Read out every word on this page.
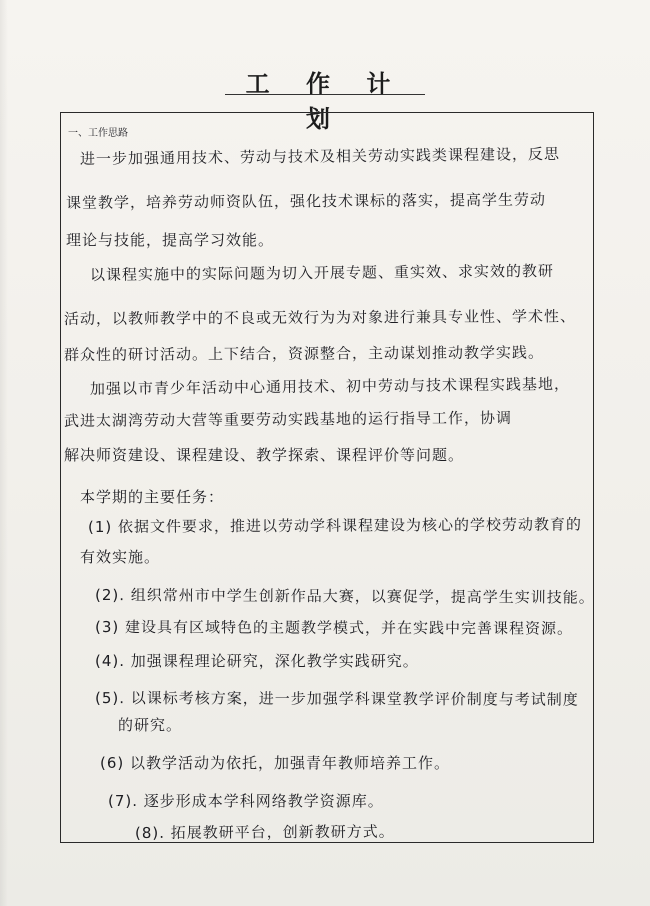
工 作 计 划
一、工作思路
进一步加强通用技术、劳动与技术及相关劳动实践类课程建设，反思
课堂教学，培养劳动师资队伍，强化技术课标的落实，提高学生劳动
理论与技能，提高学习效能。
以课程实施中的实际问题为切入开展专题、重实效、求实效的教研
活动，以教师教学中的不良或无效行为为对象进行兼具专业性、学术性、
群众性的研讨活动。上下结合，资源整合，主动谋划推动教学实践。
加强以市青少年活动中心通用技术、初中劳动与技术课程实践基地，
武进太湖湾劳动大营等重要劳动实践基地的运行指导工作，协调
解决师资建设、课程建设、教学探索、课程评价等问题。
本学期的主要任务：
(1) 依据文件要求，推进以劳动学科课程建设为核心的学校劳动教育的
有效实施。
(2). 组织常州市中学生创新作品大赛，以赛促学，提高学生实训技能。
(3) 建设具有区域特色的主题教学模式，并在实践中完善课程资源。
(4). 加强课程理论研究，深化教学实践研究。
(5). 以课标考核方案，进一步加强学科课堂教学评价制度与考试制度
的研究。
(6) 以教学活动为依托，加强青年教师培养工作。
(7). 逐步形成本学科网络教学资源库。
(8). 拓展教研平台，创新教研方式。
